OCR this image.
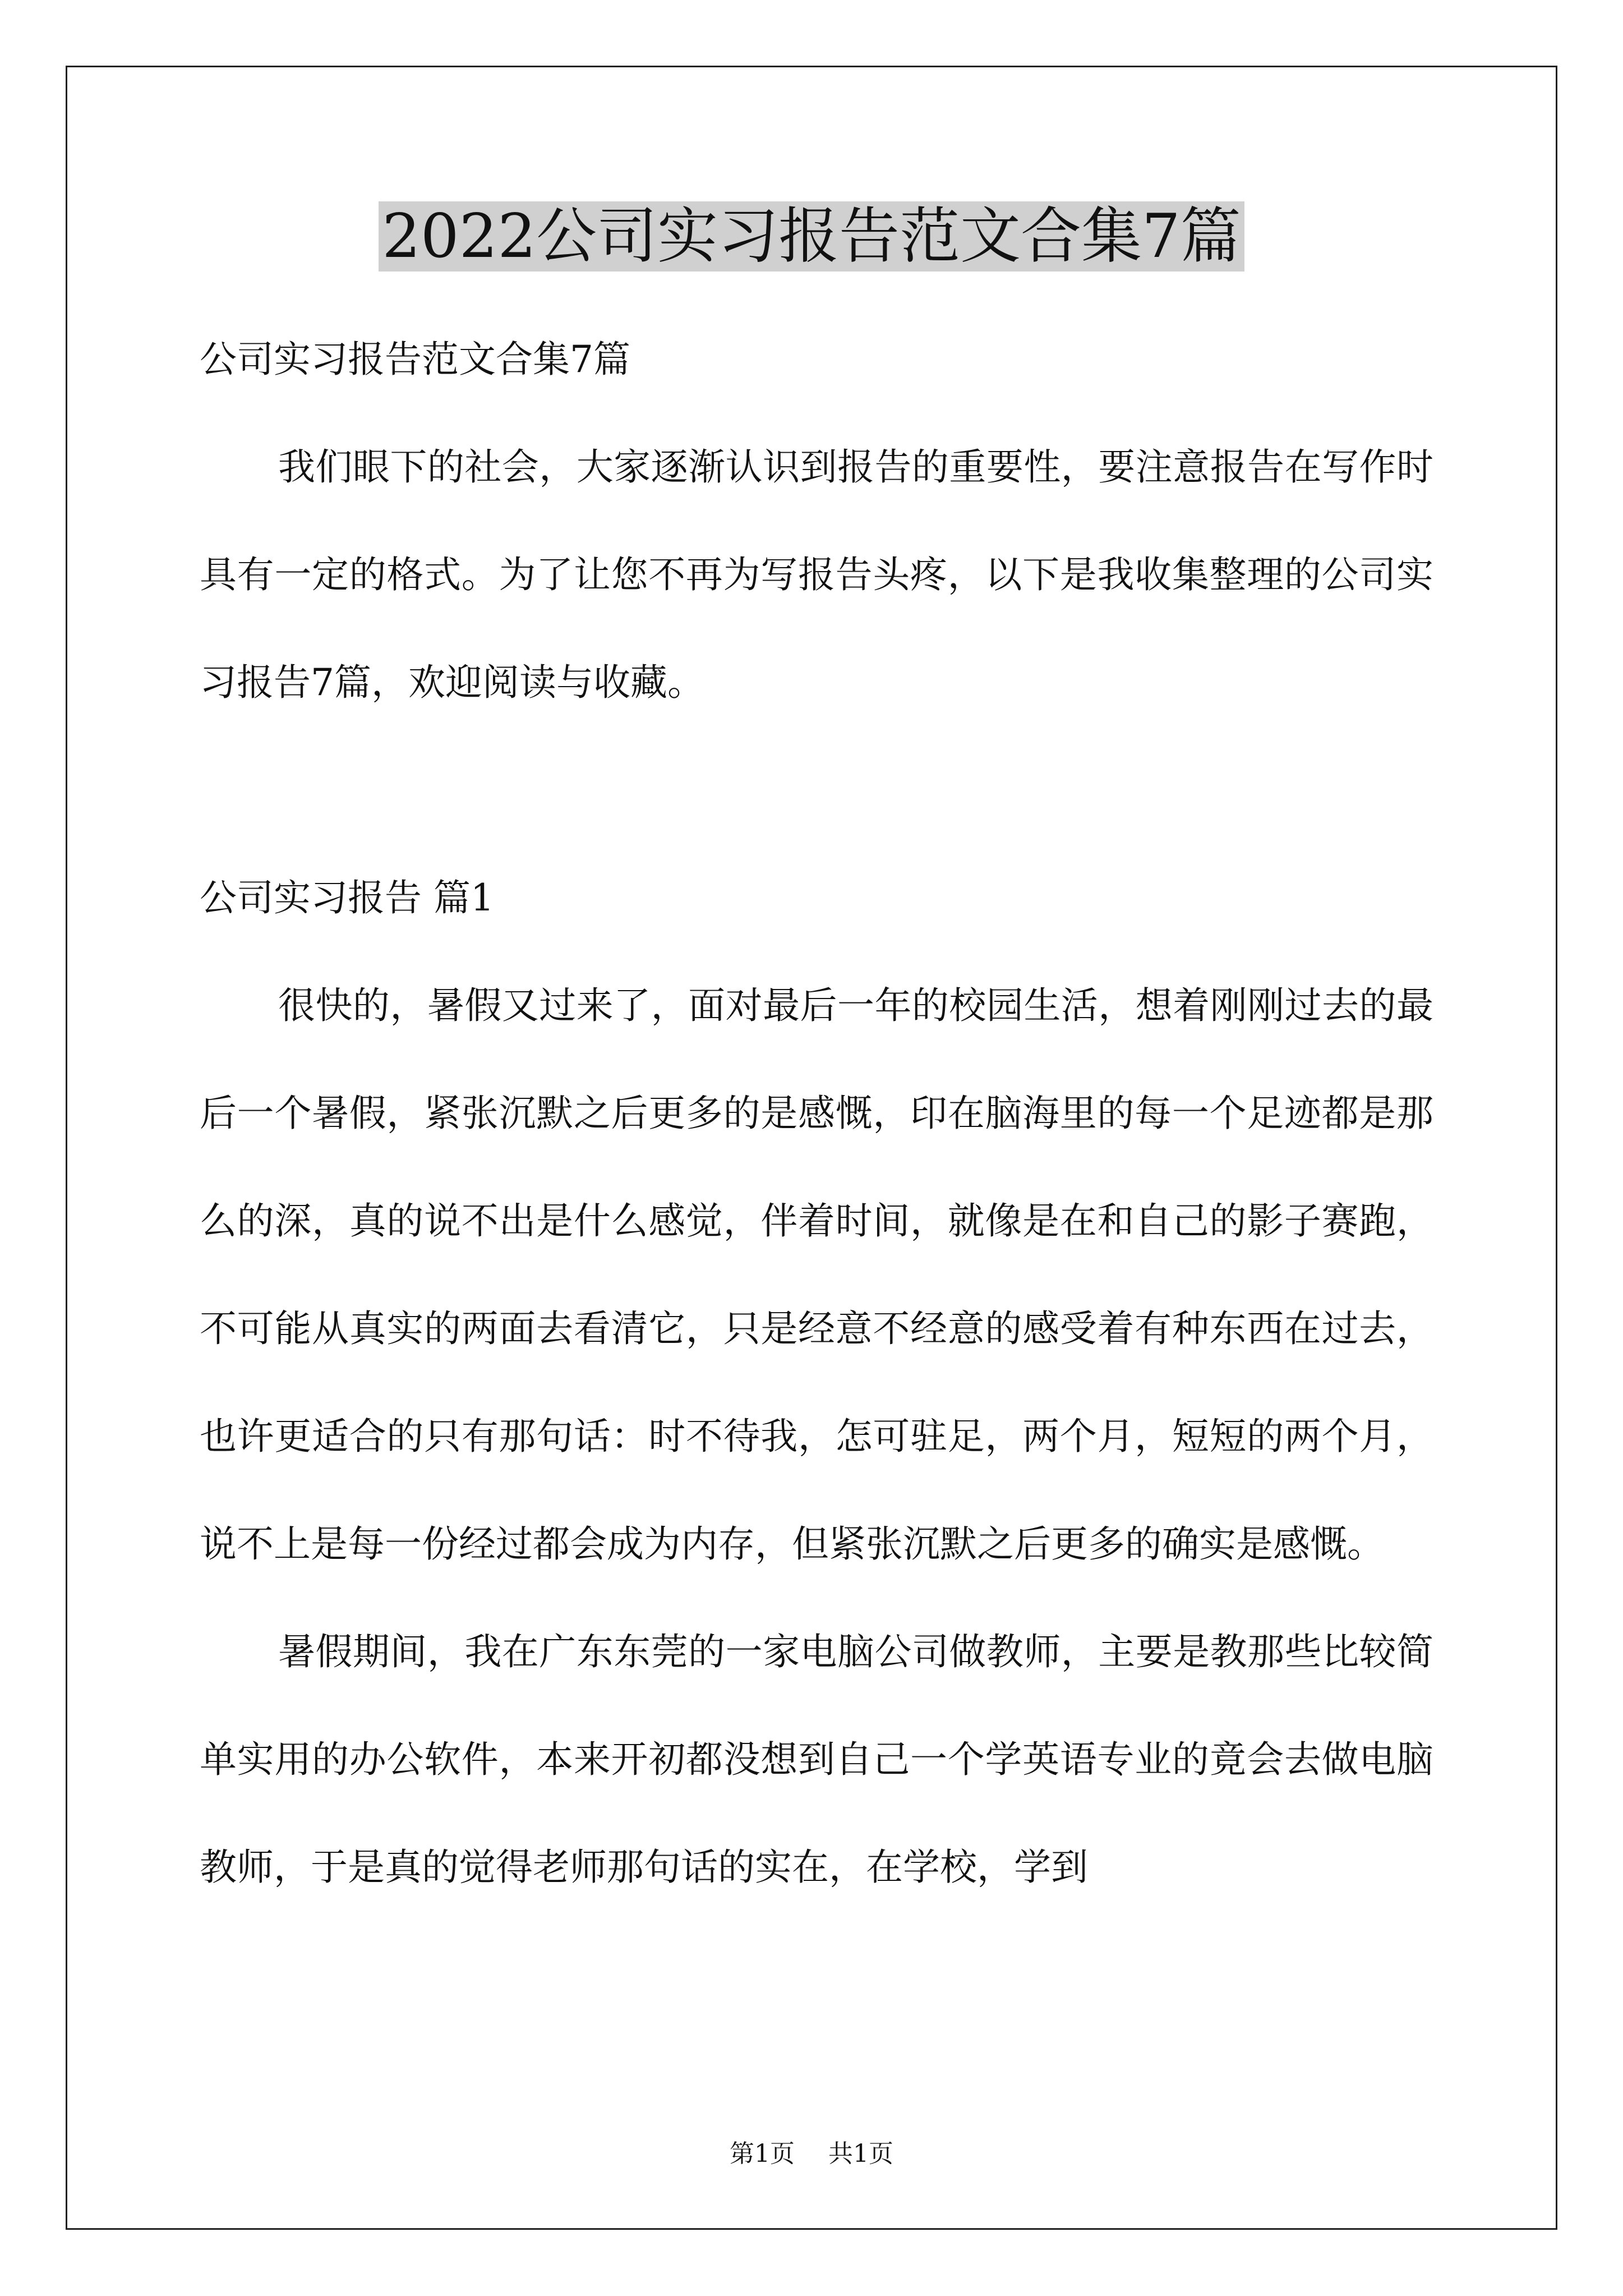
2022公司实习报告范文合集7篇

公司实习报告范文合集7篇

我们眼下的社会，大家逐渐认识到报告的重要性，要注意报告在写作时具有一定的格式。为了让您不再为写报告头疼，以下是我收集整理的公司实习报告7篇，欢迎阅读与收藏。

公司实习报告 篇1

很快的，暑假又过来了，面对最后一年的校园生活，想着刚刚过去的最后一个暑假，紧张沉默之后更多的是感慨，印在脑海里的每一个足迹都是那么的深，真的说不出是什么感觉，伴着时间，就像是在和自己的影子赛跑，不可能从真实的两面去看清它，只是经意不经意的感受着有种东西在过去，也许更适合的只有那句话：时不待我，怎可驻足，两个月，短短的两个月，说不上是每一份经过都会成为内存，但紧张沉默之后更多的确实是感慨。

暑假期间，我在广东东莞的一家电脑公司做教师，主要是教那些比较简单实用的办公软件，本来开初都没想到自己一个学英语专业的竟会去做电脑教师，于是真的觉得老师那句话的实在，在学校，学到

第1页 共1页
